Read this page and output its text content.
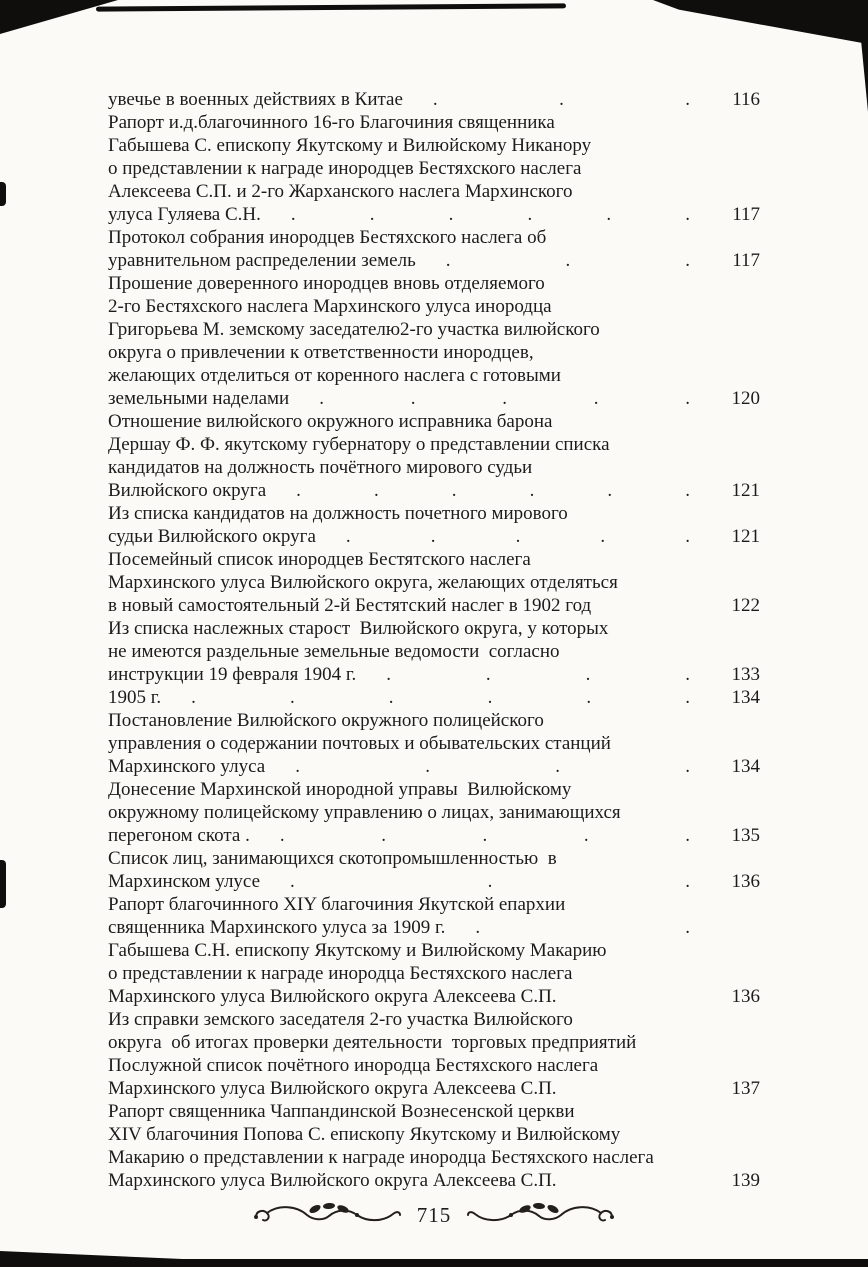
увечье в военных действиях в Китае .	.	.	116
Рапорт и.д.благочинного 16-го Благочиния священника
Габышева С. епископу Якутскому и Вилюйскому Никанору
о представлении к награде инородцев Бестяхского наслега
Алексеева С.П. и 2-го Жарханского наслега Мархинского
улуса Гуляева С.Н. .	.	.	.	.	.	117
Протокол собрания инородцев Бестяхского наслега об
уравнительном распределении земель .	.	.	117
Прошение доверенного инородцев вновь отделяемого
2-го Бестяхского наслега Мархинского улуса инородца
Григорьева М. земскому заседателю2-го участка вилюйского
округа о привлечении к ответственности инородцев,
желающих отделиться от коренного наслега с готовыми
земельными наделами .	.	.	.	.	120
Отношение вилюйского окружного исправника барона
Дершау Ф. Ф. якутскому губернатору о представлении списка
кандидатов на должность почётного мирового судьи
Вилюйского округа .	.	.	.	.	.	121
Из списка кандидатов на должность почетного мирового
судьи Вилюйского округа .	.	.	.	.	121
Посемейный список инородцев Бестятского наслега
Мархинского улуса Вилюйского округа, желающих отделяться
в новый самостоятельный 2-й Бестятский наслег в 1902 год	122
Из списка наслежных старост  Вилюйского округа, у которых
не имеются раздельные земельные ведомости  согласно
инструкции 19 февраля 1904 г. .	.	.	.	133
1905 г. .	.	.	.	.	.	134
Постановление Вилюйского окружного полицейского
управления о содержании почтовых и обывательских станций
Мархинского улуса .	.	.	.	134
Донесение Мархинской инородной управы  Вилюйскому
окружному полицейскому управлению о лицах, занимающихся
перегоном скота . .	.	.	.	.	135
Список лиц, занимающихся скотопромышленностью  в
Мархинском улусе .	.	.	136
Рапорт благочинного XIY благочиния Якутской епархии
священника Мархинского улуса за 1909 г. .	.
Габышева С.Н. епископу Якутскому и Вилюйскому Макарию
о представлении к награде инородца Бестяхского наслега
Мархинского улуса Вилюйского округа Алексеева С.П.	136
Из справки земского заседателя 2-го участка Вилюйского
округа  об итогах проверки деятельности  торговых предприятий
Послужной список почётного инородца Бестяхского наслега
Мархинского улуса Вилюйского округа Алексеева С.П.	137
Рапорт священника Чаппандинской Вознесенской церкви
XIV благочиния Попова С. епископу Якутскому и Вилюйскому
Макарию о представлении к награде инородца Бестяхского наслега
Мархинского улуса Вилюйского округа Алексеева С.П.	139
715
